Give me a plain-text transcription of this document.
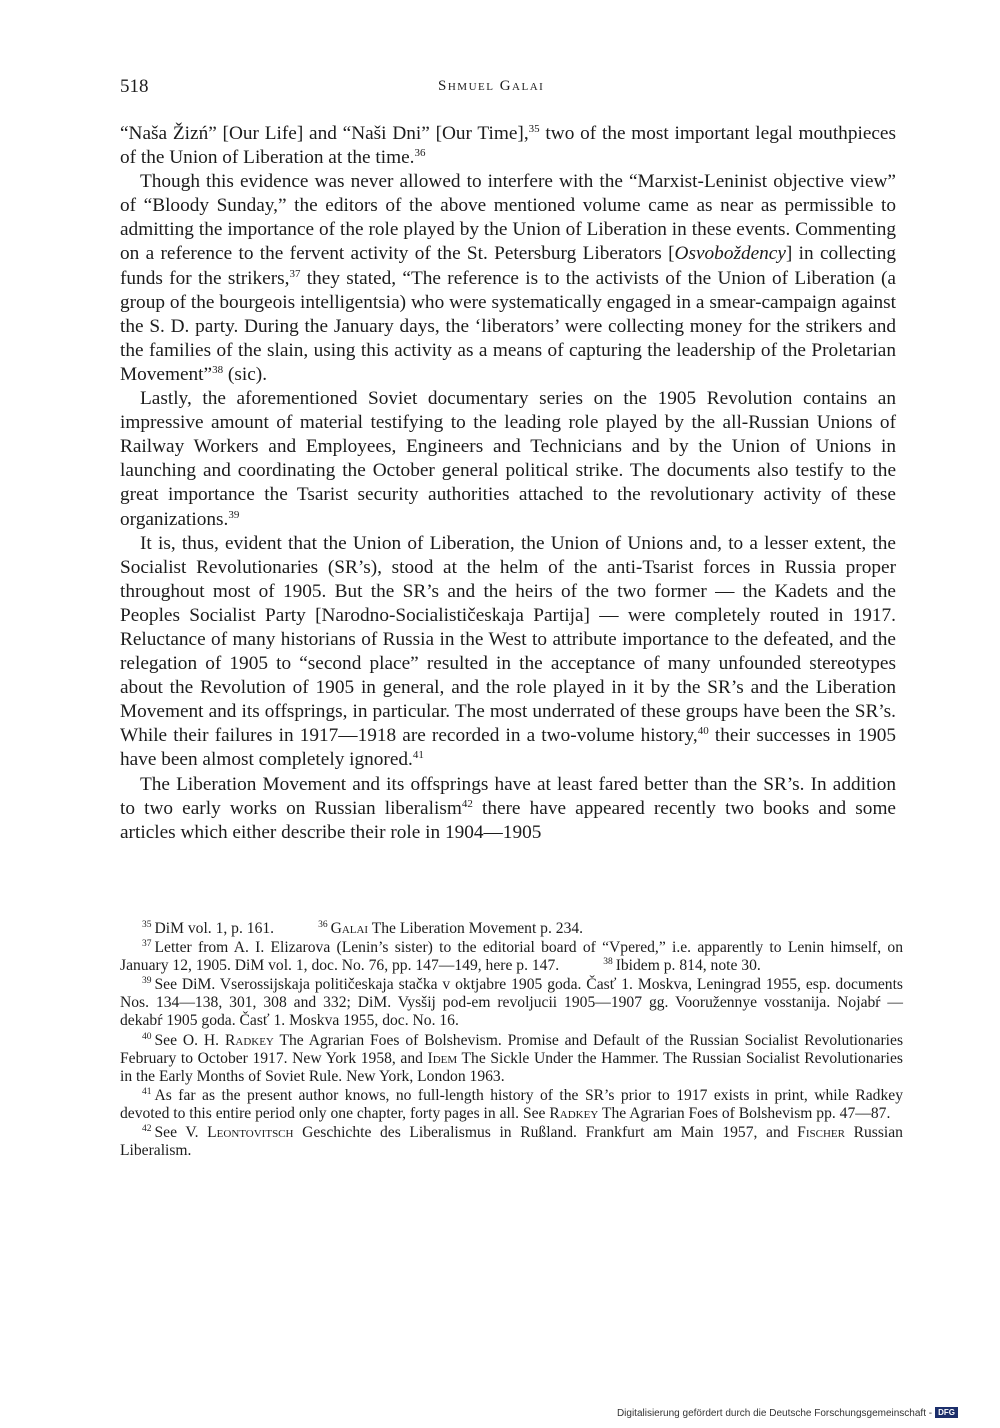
518	Shmuel Galai

“Naša Žizń” [Our Life] and “Naši Dni” [Our Time],$^{35}$ two of the most important legal mouthpieces of the Union of Liberation at the time.$^{36}$

Though this evidence was never allowed to interfere with the “Marxist-Leninist objective view” of “Bloody Sunday,” the editors of the above mentioned volume came as near as permissible to admitting the importance of the role played by the Union of Liberation in these events. Commenting on a reference to the fervent activity of the St. Petersburg Liberators [Osvoboždency] in collecting funds for the strikers,$^{37}$ they stated, “The reference is to the activists of the Union of Liberation (a group of the bourgeois intelligentsia) who were systematically engaged in a smear-campaign against the S. D. party. During the January days, the ‘liberators’ were collecting money for the strikers and the families of the slain, using this activity as a means of capturing the leadership of the Proletarian Movement”$^{38}$ (sic).

Lastly, the aforementioned Soviet documentary series on the 1905 Revolution contains an impressive amount of material testifying to the leading role played by the all-Russian Unions of Railway Workers and Employees, Engineers and Technicians and by the Union of Unions in launching and coordinating the October general political strike. The documents also testify to the great importance the Tsarist security authorities attached to the revolutionary activity of these organizations.$^{39}$

It is, thus, evident that the Union of Liberation, the Union of Unions and, to a lesser extent, the Socialist Revolutionaries (SR’s), stood at the helm of the anti-Tsarist forces in Russia proper throughout most of 1905. But the SR’s and the heirs of the two former — the Kadets and the Peoples Socialist Party [Narodno-Socialističeskaja Partija] — were completely routed in 1917. Reluctance of many historians of Russia in the West to attribute importance to the defeated, and the relegation of 1905 to “second place” resulted in the acceptance of many unfounded stereotypes about the Revolution of 1905 in general, and the role played in it by the SR’s and the Liberation Movement and its offsprings, in particular. The most underrated of these groups have been the SR’s. While their failures in 1917—1918 are recorded in a two-volume history,$^{40}$ their successes in 1905 have been almost completely ignored.$^{41}$

The Liberation Movement and its offsprings have at least fared better than the SR’s. In addition to two early works on Russian liberalism$^{42}$ there have appeared recently two books and some articles which either describe their role in 1904—1905

$^{35}$ DiM vol. 1, p. 161.	$^{36}$ Galai The Liberation Movement p. 234.

$^{37}$ Letter from A. I. Elizarova (Lenin’s sister) to the editorial board of “Vpered,” i.e. apparently to Lenin himself, on January 12, 1905. DiM vol. 1, doc. No. 76, pp. 147—149, here p. 147.	$^{38}$ Ibidem p. 814, note 30.

$^{39}$ See DiM. Vserossijskaja političeskaja stačka v oktjabre 1905 goda. Časť 1. Moskva, Leningrad 1955, esp. documents Nos. 134—138, 301, 308 and 332; DiM. Vysšij pod-em revoljucii 1905—1907 gg. Vooružennye vosstanija. Nojabŕ — dekabŕ 1905 goda. Časť 1. Moskva 1955, doc. No. 16.

$^{40}$ See O. H. Radkey The Agrarian Foes of Bolshevism. Promise and Default of the Russian Socialist Revolutionaries February to October 1917. New York 1958, and Idem The Sickle Under the Hammer. The Russian Socialist Revolutionaries in the Early Months of Soviet Rule. New York, London 1963.

$^{41}$ As far as the present author knows, no full-length history of the SR’s prior to 1917 exists in print, while Radkey devoted to this entire period only one chapter, forty pages in all. See Radkey The Agrarian Foes of Bolshevism pp. 47—87.

$^{42}$ See V. Leontovitsch Geschichte des Liberalismus in Rußland. Frankfurt am Main 1957, and Fischer Russian Liberalism.

Digitalisierung gefördert durch die Deutsche Forschungsgemeinschaft - DFG
